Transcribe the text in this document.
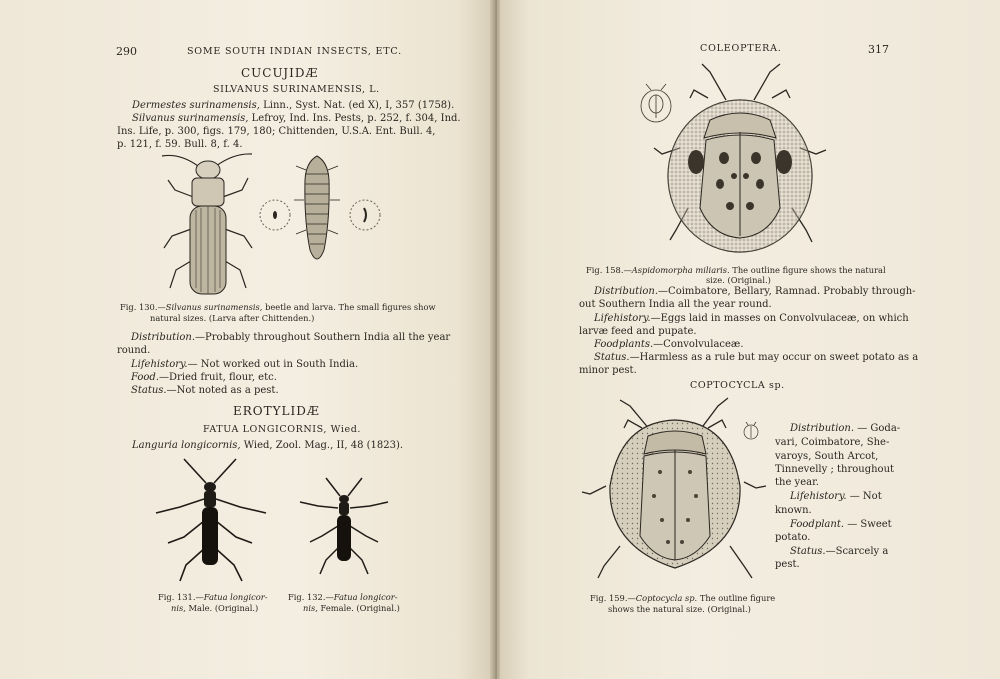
290	SOME SOUTH INDIAN INSECTS, ETC.
CUCUJIDÆ
SILVANUS SURINAMENSIS, L.
Dermestes surinamensis, Linn., Syst. Nat. (ed X), I, 357 (1758).
Silvanus surinamensis, Lefroy, Ind. Ins. Pests, p. 252, f. 304, Ind.
Ins. Life, p. 300, figs. 179, 180; Chittenden, U.S.A. Ent. Bull. 4,
p. 121, f. 59. Bull. 8, f. 4.
Fig. 130.—Silvanus surinamensis, beetle and larva. The small figures show
natural sizes. (Larva after Chittenden.)
Distribution.—Probably throughout Southern India all the year
round.
Lifehistory.— Not worked out in South India.
Food.—Dried fruit, flour, etc.
Status.—Not noted as a pest.
EROTYLIDÆ
FATUA LONGICORNIS, Wied.
Languria longicornis, Wied, Zool. Mag., II, 48 (1823).
Fig. 131.—Fatua longicor-
nis, Male. (Original.)
Fig. 132.—Fatua longicor-
nis, Female. (Original.)
COLEOPTERA.	317
Fig. 158.—Aspidomorpha miliaris. The outline figure shows the natural
size. (Original.)
Distribution.—Coimbatore, Bellary, Ramnad. Probably through-
out Southern India all the year round.
Lifehistory.—Eggs laid in masses on Convolvulaceæ, on which
larvæ feed and pupate.
Foodplants.—Convolvulaceæ.
Status.—Harmless as a rule but may occur on sweet potato as a
minor pest.
COPTOCYCLA sp.
Distribution. — Goda-
vari, Coimbatore, She-
varoys, South Arcot,
Tinnevelly ; throughout
the year.
Lifehistory. — Not
known.
Foodplant. — Sweet
potato.
Status.—Scarcely a
pest.
Fig. 159.—Coptocycla sp. The outline figure
shows the natural size. (Original.)
